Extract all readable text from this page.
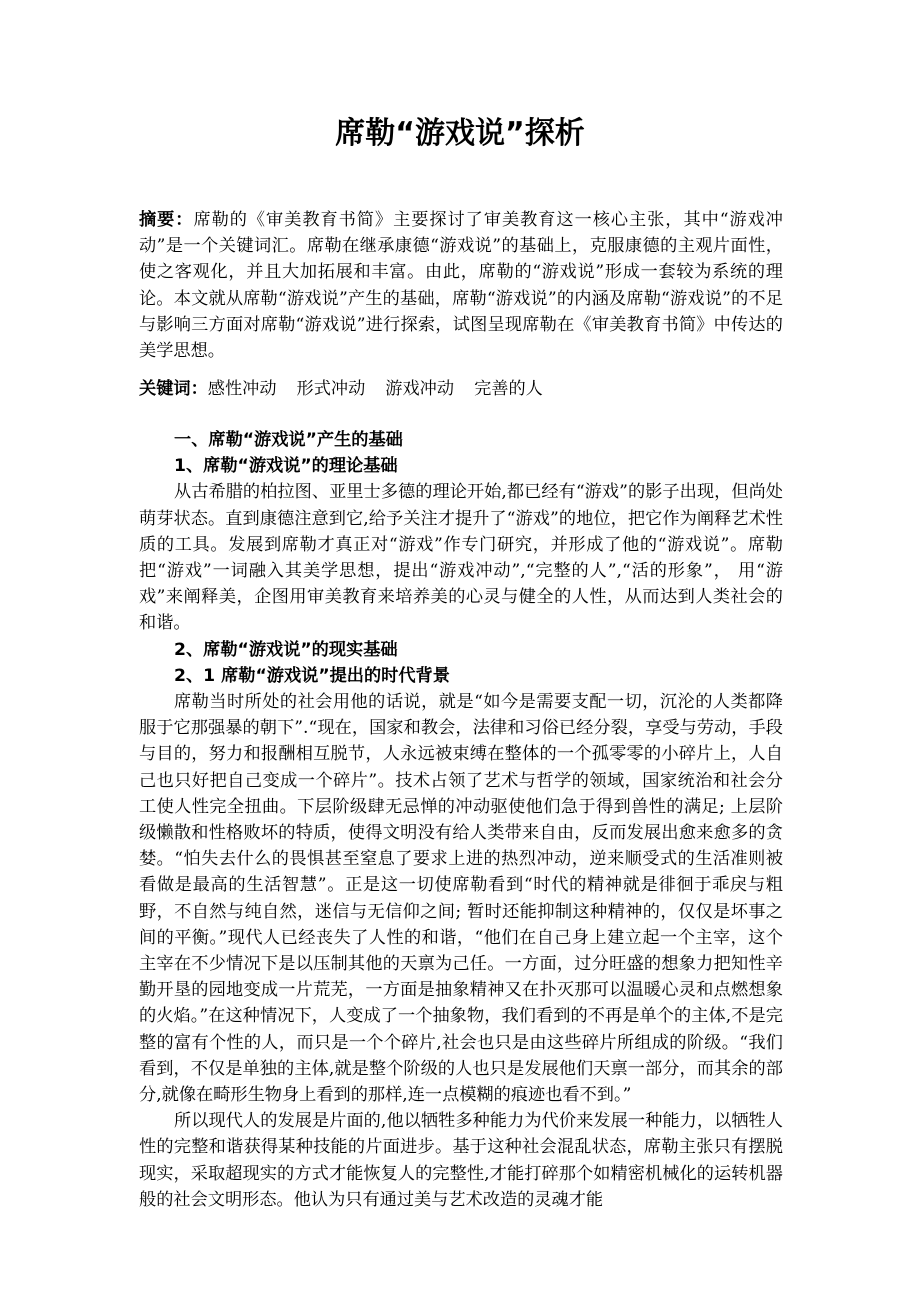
席勒“游戏说”探析

摘要：席勒的《审美教育书简》主要探讨了审美教育这一核心主张，其中“游戏冲动”是一个关键词汇。席勒在继承康德“游戏说”的基础上，克服康德的主观片面性，使之客观化，并且大加拓展和丰富。由此，席勒的“游戏说”形成一套较为系统的理论。本文就从席勒“游戏说”产生的基础，席勒“游戏说”的内涵及席勒“游戏说”的不足与影响三方面对席勒“游戏说”进行探索，试图呈现席勒在《审美教育书简》中传达的美学思想。

关键词：感性冲动 形式冲动 游戏冲动 完善的人

一、席勒“游戏说”产生的基础

1、席勒“游戏说”的理论基础

从古希腊的柏拉图、亚里士多德的理论开始,都已经有“游戏”的影子出现，但尚处萌芽状态。直到康德注意到它,给予关注才提升了“游戏”的地位，把它作为阐释艺术性质的工具。发展到席勒才真正对“游戏”作专门研究，并形成了他的“游戏说”。席勒把“游戏”一词融入其美学思想，提出“游戏冲动”,“完整的人”,“活的形象”， 用“游戏”来阐释美，企图用审美教育来培养美的心灵与健全的人性，从而达到人类社会的和谐。

2、席勒“游戏说”的现实基础

2、1 席勒“游戏说”提出的时代背景

席勒当时所处的社会用他的话说，就是“如今是需要支配一切，沉沦的人类都降服于它那强暴的朝下”.“现在，国家和教会，法律和习俗已经分裂，享受与劳动，手段与目的，努力和报酬相互脱节，人永远被束缚在整体的一个孤零零的小碎片上，人自己也只好把自己变成一个碎片”。技术占领了艺术与哲学的领域，国家统治和社会分工使人性完全扭曲。下层阶级肆无忌惮的冲动驱使他们急于得到兽性的满足; 上层阶级懒散和性格败坏的特质，使得文明没有给人类带来自由，反而发展出愈来愈多的贪婪。“怕失去什么的畏惧甚至窒息了要求上进的热烈冲动，逆来顺受式的生活准则被看做是最高的生活智慧”。正是这一切使席勒看到“时代的精神就是徘徊于乖戾与粗野，不自然与纯自然，迷信与无信仰之间; 暂时还能抑制这种精神的，仅仅是坏事之间的平衡。”现代人已经丧失了人性的和谐，“他们在自己身上建立起一个主宰，这个主宰在不少情况下是以压制其他的天禀为己任。一方面，过分旺盛的想象力把知性辛勤开垦的园地变成一片荒芜，一方面是抽象精神又在扑灭那可以温暖心灵和点燃想象的火焰。”在这种情况下，人变成了一个抽象物，我们看到的不再是单个的主体,不是完整的富有个性的人，而只是一个个碎片,社会也只是由这些碎片所组成的阶级。“我们看到，不仅是单独的主体,就是整个阶级的人也只是发展他们天禀一部分，而其余的部分,就像在畸形生物身上看到的那样,连一点模糊的痕迹也看不到。”

所以现代人的发展是片面的,他以牺牲多种能力为代价来发展一种能力，以牺牲人性的完整和谐获得某种技能的片面进步。基于这种社会混乱状态，席勒主张只有摆脱现实，采取超现实的方式才能恢复人的完整性,才能打碎那个如精密机械化的运转机器般的社会文明形态。他认为只有通过美与艺术改造的灵魂才能
